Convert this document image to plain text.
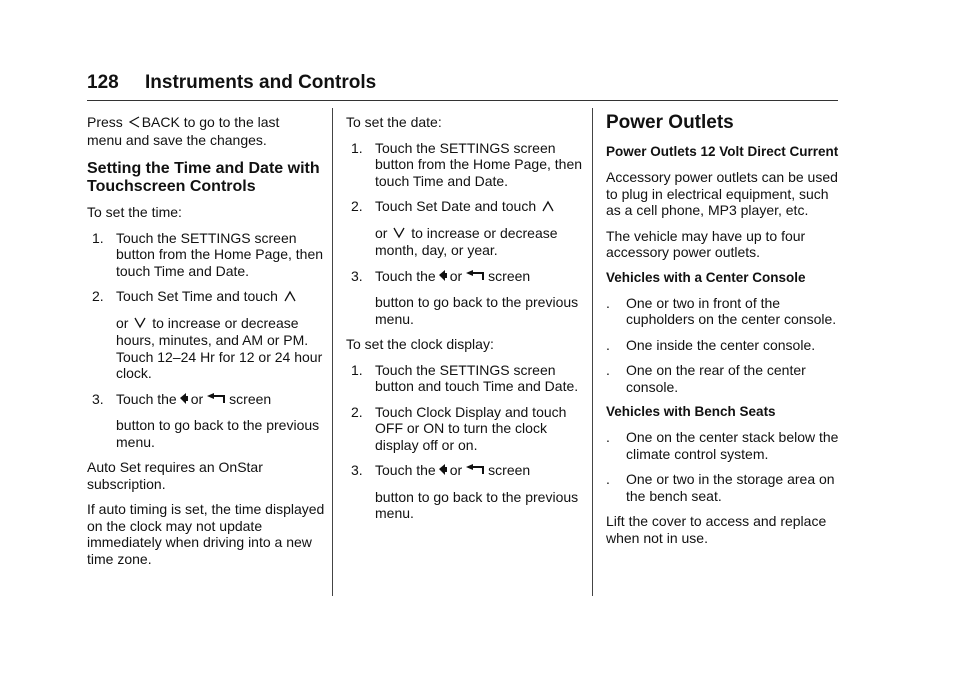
128 Instruments and Controls

Press BACK to go to the last
menu and save the changes.

Setting the Time and Date with Touchscreen Controls

To set the time:

1. Touch the SETTINGS screen button from the Home Page, then touch Time and Date.
2. Touch Set Time and touch
or to increase or decrease hours, minutes, and AM or PM. Touch 12–24 Hr for 12 or 24 hour clock.
3. Touch the or screen
button to go back to the previous menu.

Auto Set requires an OnStar subscription.

If auto timing is set, the time displayed on the clock may not update immediately when driving into a new time zone.

To set the date:

1. Touch the SETTINGS screen button from the Home Page, then touch Time and Date.
2. Touch Set Date and touch
or to increase or decrease month, day, or year.
3. Touch the or screen
button to go back to the previous menu.

To set the clock display:

1. Touch the SETTINGS screen button and touch Time and Date.
2. Touch Clock Display and touch OFF or ON to turn the clock display off or on.
3. Touch the or screen
button to go back to the previous menu.
Power Outlets
Power Outlets 12 Volt Direct Current

Accessory power outlets can be used to plug in electrical equipment, such as a cell phone, MP3 player, etc.

The vehicle may have up to four accessory power outlets.

Vehicles with a Center Console
. One or two in front of the cupholders on the center console.
. One inside the center console.
. One on the rear of the center console.
Vehicles with Bench Seats
. One on the center stack below the climate control system.
. One or two in the storage area on the bench seat.

Lift the cover to access and replace when not in use.
